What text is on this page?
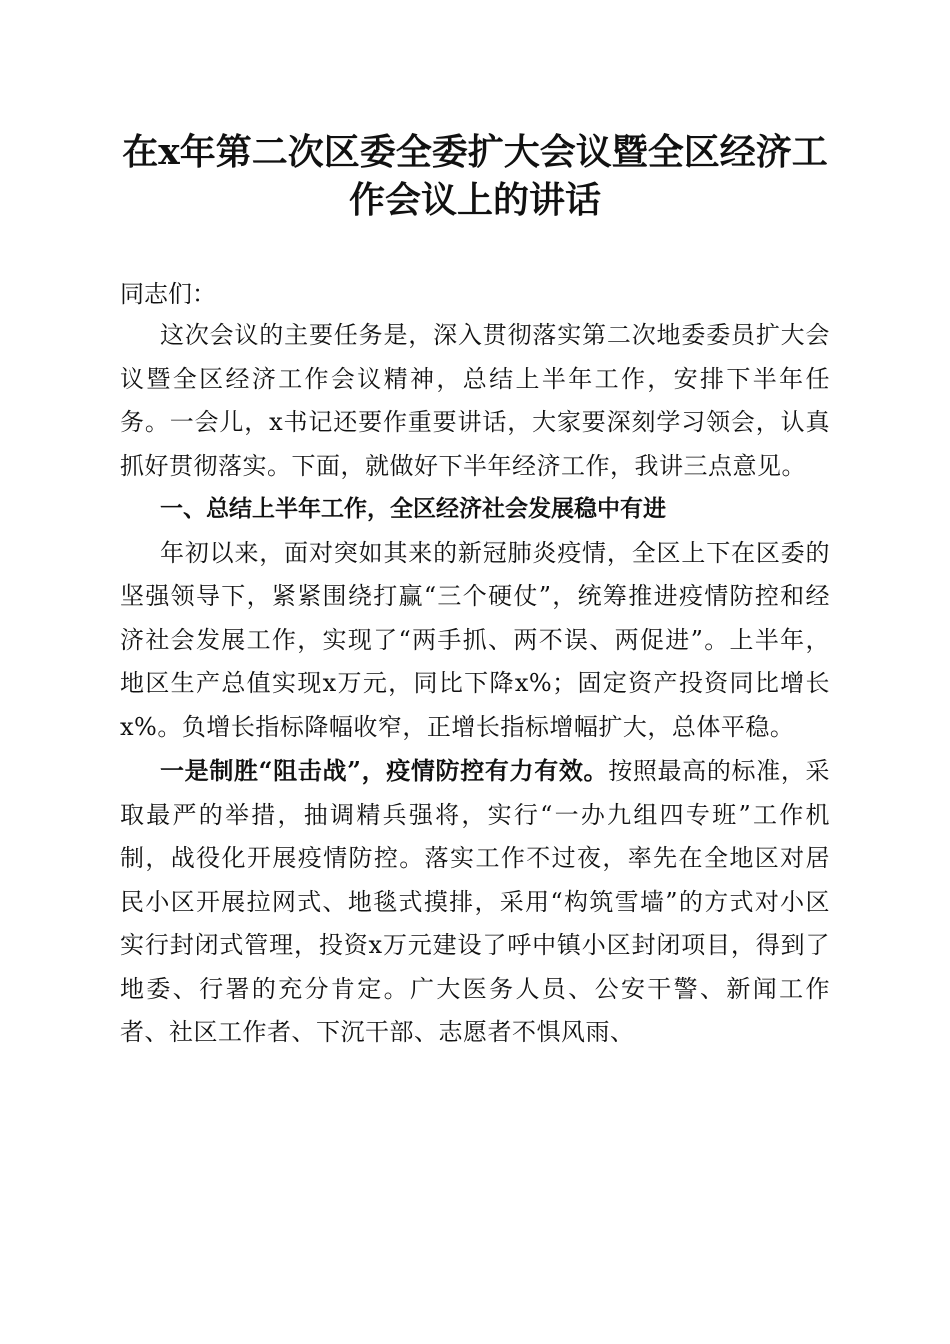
在x年第二次区委全委扩大会议暨全区经济工
作会议上的讲话

同志们：

这次会议的主要任务是，深入贯彻落实第二次地委委员扩大会议暨全区经济工作会议精神，总结上半年工作，安排下半年任务。一会儿，x书记还要作重要讲话，大家要深刻学习领会，认真抓好贯彻落实。下面，就做好下半年经济工作，我讲三点意见。

一、总结上半年工作，全区经济社会发展稳中有进

年初以来，面对突如其来的新冠肺炎疫情，全区上下在区委的坚强领导下，紧紧围绕打赢“三个硬仗”，统筹推进疫情防控和经济社会发展工作，实现了“两手抓、两不误、两促进”。上半年，地区生产总值实现x万元，同比下降x%；固定资产投资同比增长x%。负增长指标降幅收窄，正增长指标增幅扩大，总体平稳。

一是制胜“阻击战”，疫情防控有力有效。按照最高的标准，采取最严的举措，抽调精兵强将，实行“一办九组四专班”工作机制，战役化开展疫情防控。落实工作不过夜，率先在全地区对居民小区开展拉网式、地毯式摸排，采用“构筑雪墙”的方式对小区实行封闭式管理，投资x万元建设了呼中镇小区封闭项目，得到了地委、行署的充分肯定。广大医务人员、公安干警、新闻工作者、社区工作者、下沉干部、志愿者不惧风雨、
